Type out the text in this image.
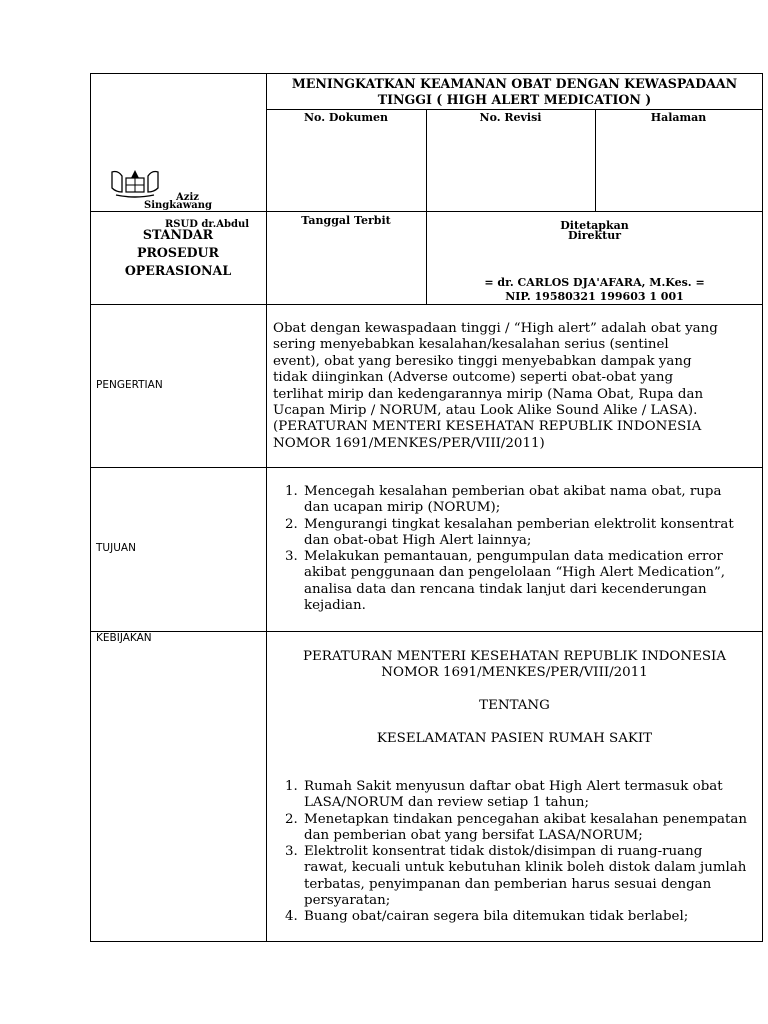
MENINGKATKAN KEAMANAN OBAT DENGAN KEWASPADAAN
TINGGI ( HIGH ALERT MEDICATION )
No. Dokumen	No. Revisi	Halaman
Aziz
Singkawang
RSUD dr.Abdul
STANDAR
PROSEDUR
OPERASIONAL
Tanggal Terbit	Ditetapkan
Direktur
= dr. CARLOS DJA'AFARA, M.Kes. =
NIP. 19580321 199603 1 001
PENGERTIAN
Obat dengan kewaspadaan tinggi / “High alert” adalah obat yang
sering menyebabkan kesalahan/kesalahan serius (sentinel
event), obat yang beresiko tinggi menyebabkan dampak yang
tidak diinginkan (Adverse outcome) seperti obat-obat yang
terlihat mirip dan kedengarannya mirip (Nama Obat, Rupa dan
Ucapan Mirip / NORUM, atau Look Alike Sound Alike / LASA).
(PERATURAN MENTERI KESEHATAN REPUBLIK INDONESIA
NOMOR 1691/MENKES/PER/VIII/2011)
TUJUAN
1. Mencegah kesalahan pemberian obat akibat nama obat, rupa dan ucapan mirip (NORUM);
2. Mengurangi tingkat kesalahan pemberian elektrolit konsentrat dan obat-obat High Alert lainnya;
3. Melakukan pemantauan, pengumpulan data medication error akibat penggunaan dan pengelolaan “High Alert Medication”, analisa data dan rencana tindak lanjut dari kecenderungan kejadian.
KEBIJAKAN
PERATURAN MENTERI KESEHATAN REPUBLIK INDONESIA
NOMOR 1691/MENKES/PER/VIII/2011
TENTANG
KESELAMATAN PASIEN RUMAH SAKIT
1. Rumah Sakit menyusun daftar obat High Alert termasuk obat LASA/NORUM dan review setiap 1 tahun;
2. Menetapkan tindakan pencegahan akibat kesalahan penempatan dan pemberian obat yang bersifat LASA/NORUM;
3. Elektrolit konsentrat tidak distok/disimpan di ruang-ruang rawat, kecuali untuk kebutuhan klinik boleh distok dalam jumlah terbatas, penyimpanan dan pemberian harus sesuai dengan persyaratan;
4. Buang obat/cairan segera bila ditemukan tidak berlabel;
